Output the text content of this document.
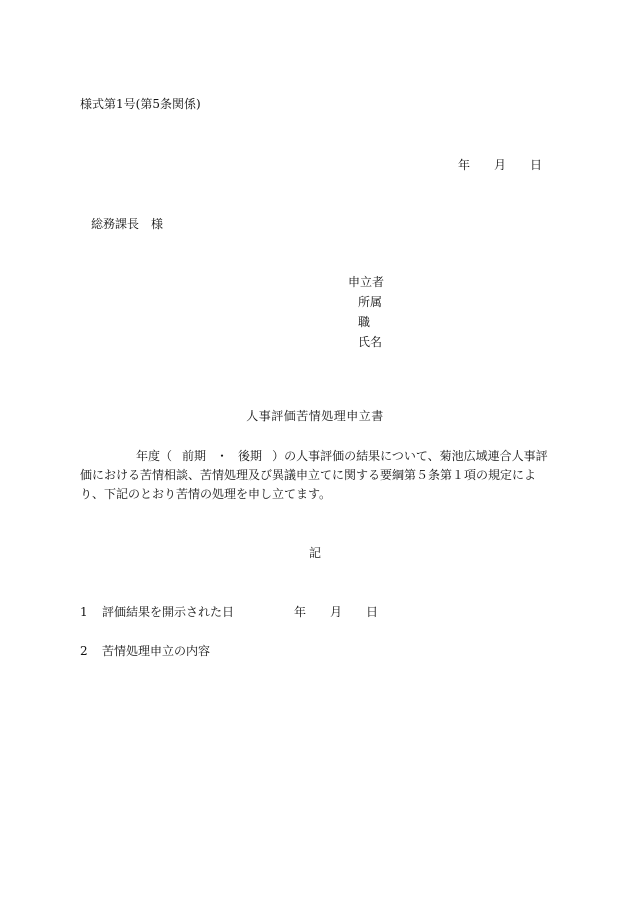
様式第1号(第5条関係)
年 月 日
総務課長　様
申立者
所属
職
氏名
人事評価苦情処理申立書
年度（ 前期 ・ 後期 ）の人事評価の結果について、菊池広域連合人事評価における苦情相談、苦情処理及び異議申立てに関する要綱第５条第１項の規定により、下記のとおり苦情の処理を申し立てます。
記
1 評価結果を開示された日	年 月 日
2 苦情処理申立の内容
